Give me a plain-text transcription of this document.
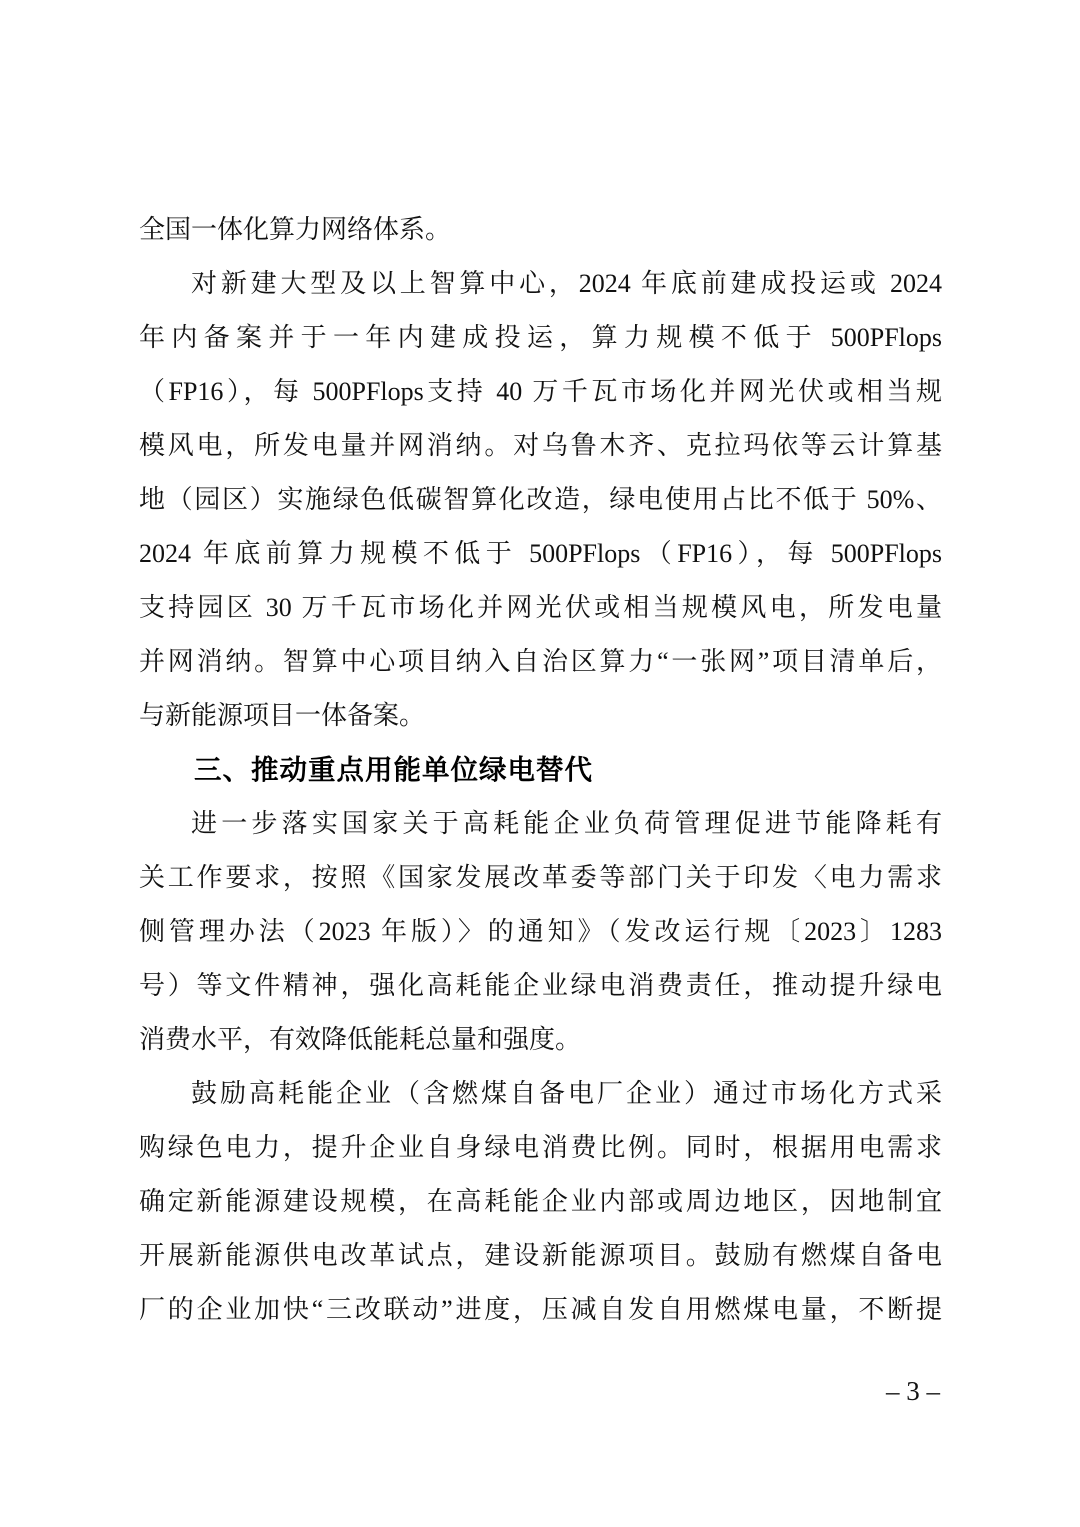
全国一体化算力网络体系。
对新建大型及以上智算中心，2024 年底前建成投运或 2024
年内备案并于一年内建成投运，算力规模不低于 500PFlops
（FP16），每 500PFlops支持 40 万千瓦市场化并网光伏或相当规
模风电，所发电量并网消纳。对乌鲁木齐、克拉玛依等云计算基
地（园区）实施绿色低碳智算化改造，绿电使用占比不低于 50%、
2024 年底前算力规模不低于 500PFlops（FP16），每 500PFlops
支持园区 30 万千瓦市场化并网光伏或相当规模风电，所发电量
并网消纳。智算中心项目纳入自治区算力“一张网”项目清单后，
与新能源项目一体备案。
三、推动重点用能单位绿电替代
进一步落实国家关于高耗能企业负荷管理促进节能降耗有
关工作要求，按照《国家发展改革委等部门关于印发〈电力需求
侧管理办法（2023 年版）〉的通知》（发改运行规〔2023〕1283
号）等文件精神，强化高耗能企业绿电消费责任，推动提升绿电
消费水平，有效降低能耗总量和强度。
鼓励高耗能企业（含燃煤自备电厂企业）通过市场化方式采
购绿色电力，提升企业自身绿电消费比例。同时，根据用电需求
确定新能源建设规模，在高耗能企业内部或周边地区，因地制宜
开展新能源供电改革试点，建设新能源项目。鼓励有燃煤自备电
厂的企业加快“三改联动”进度，压减自发自用燃煤电量，不断提
– 3 –
